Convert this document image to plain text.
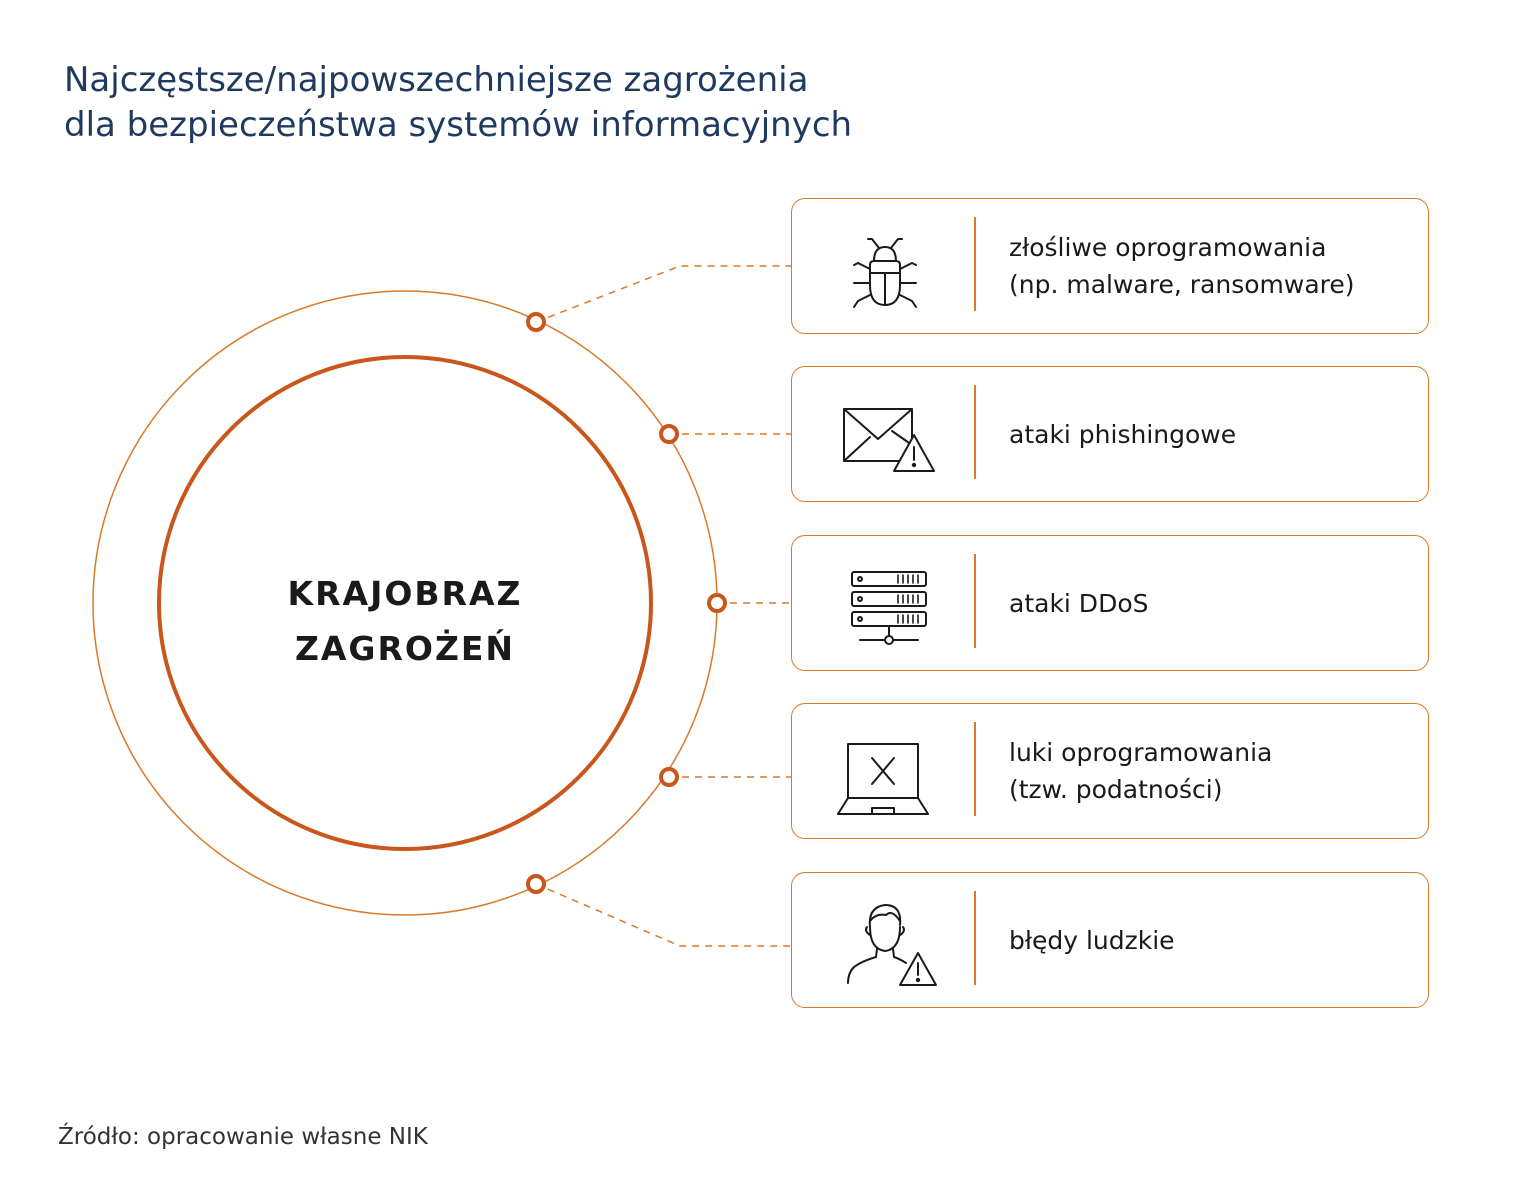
Najczęstsze/najpowszechniejsze zagrożenia
dla bezpieczeństwa systemów informacyjnych
KRAJOBRAZ
ZAGROŻEŃ
złośliwe oprogramowania
(np. malware, ransomware)
ataki phishingowe
ataki DDoS
luki oprogramowania
(tzw. podatności)
błędy ludzkie
Źródło: opracowanie własne NIK
